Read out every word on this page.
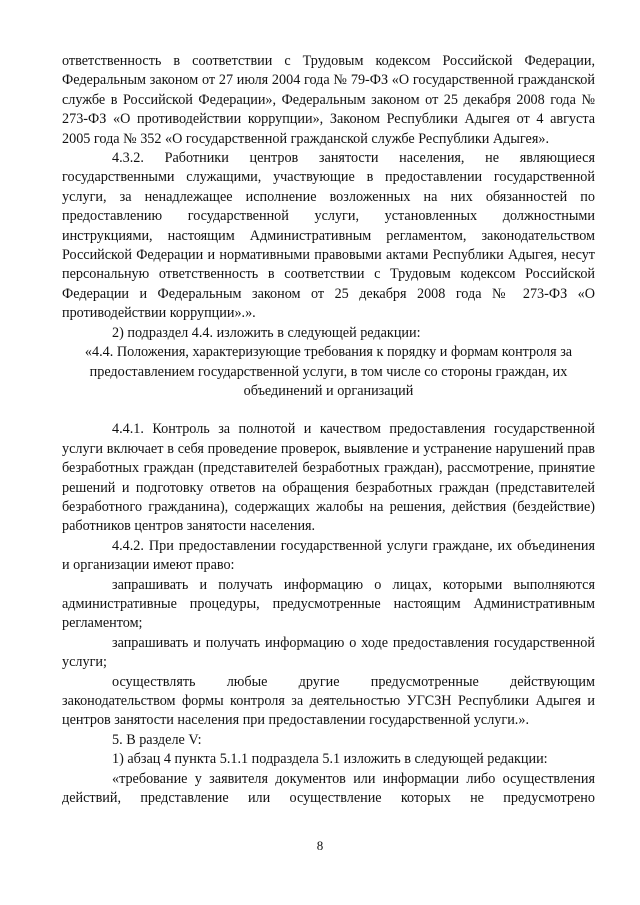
ответственность в соответствии с Трудовым кодексом Российской Федерации, Федеральным законом от 27 июля 2004 года № 79-ФЗ «О государственной гражданской службе в Российской Федерации», Федеральным законом от 25 декабря 2008 года № 273-ФЗ «О противодействии коррупции», Законом Республики Адыгея от 4 августа 2005 года № 352 «О государственной гражданской службе Республики Адыгея».

4.3.2. Работники центров занятости населения, не являющиеся государственными служащими, участвующие в предоставлении государственной услуги, за ненадлежащее исполнение возложенных на них обязанностей по предоставлению государственной услуги, установленных должностными инструкциями, настоящим Административным регламентом, законодательством Российской Федерации и нормативными правовыми актами Республики Адыгея, несут персональную ответственность в соответствии с Трудовым кодексом Российской Федерации и Федеральным законом от 25 декабря 2008 года № 273-ФЗ «О противодействии коррупции».».

2) подраздел 4.4. изложить в следующей редакции:

«4.4. Положения, характеризующие требования к порядку и формам контроля за предоставлением государственной услуги, в том числе со стороны граждан, их объединений и организаций

4.4.1. Контроль за полнотой и качеством предоставления государственной услуги включает в себя проведение проверок, выявление и устранение нарушений прав безработных граждан (представителей безработных граждан), рассмотрение, принятие решений и подготовку ответов на обращения безработных граждан (представителей безработного гражданина), содержащих жалобы на решения, действия (бездействие) работников центров занятости населения.

4.4.2. При предоставлении государственной услуги граждане, их объединения и организации имеют право:

запрашивать и получать информацию о лицах, которыми выполняются административные процедуры, предусмотренные настоящим Административным регламентом;

запрашивать и получать информацию о ходе предоставления государственной услуги;

осуществлять любые другие предусмотренные действующим законодательством формы контроля за деятельностью УГСЗН Республики Адыгея и центров занятости населения при предоставлении государственной услуги.».

5. В разделе V:

1) абзац 4 пункта 5.1.1 подраздела 5.1 изложить в следующей редакции:

«требование у заявителя документов или информации либо осуществления действий, представление или осуществление которых не предусмотрено

8
